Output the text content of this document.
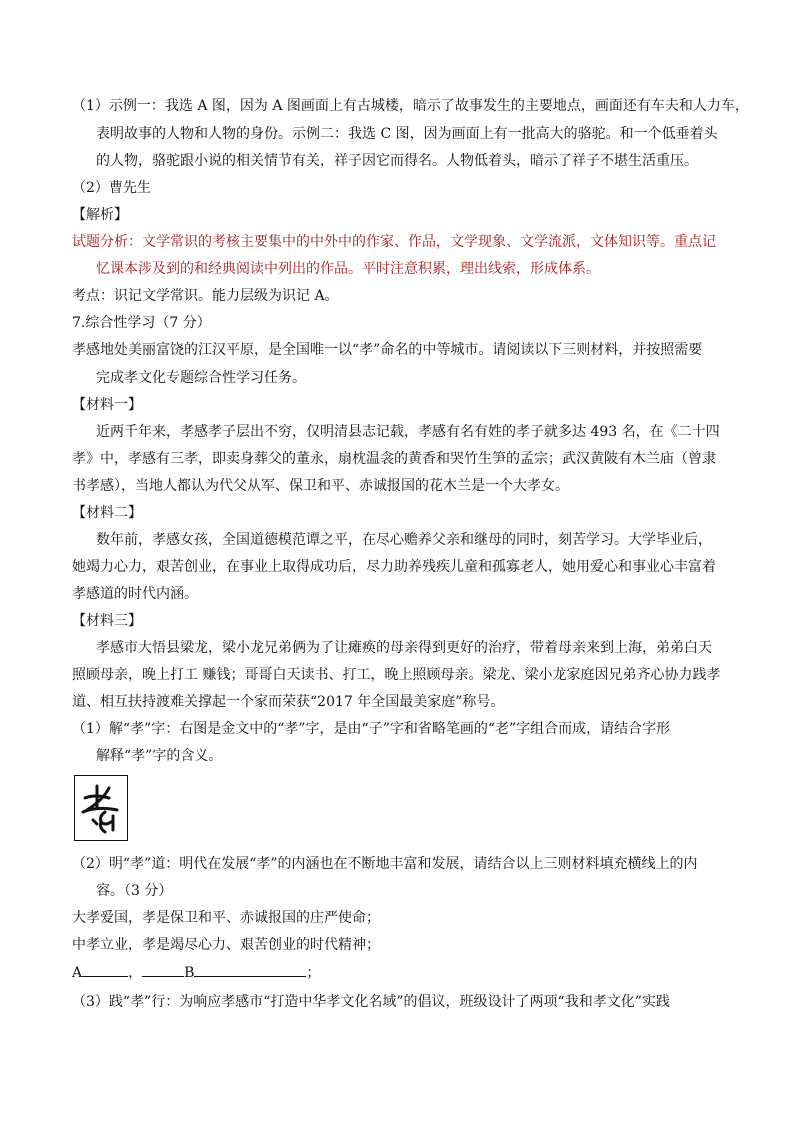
（1）示例一：我选 A 图，因为 A 图画面上有古城楼，暗示了故事发生的主要地点，画面还有车夫和人力车，
表明故事的人物和人物的身份。示例二：我选 C 图，因为画面上有一批高大的骆驼。和一个低垂着头
的人物，骆驼跟小说的相关情节有关，祥子因它而得名。人物低着头，暗示了祥子不堪生活重压。
（2）曹先生
【解析】
试题分析：文学常识的考核主要集中的中外中的作家、作品，文学现象、文学流派，文体知识等。重点记
忆课本涉及到的和经典阅读中列出的作品。平时注意积累，理出线索，形成体系。
考点：识记文学常识。能力层级为识记 A。
7.综合性学习（7 分）
孝感地处美丽富饶的江汉平原，是全国唯一以“孝”命名的中等城市。请阅读以下三则材料，并按照需要
完成孝文化专题综合性学习任务。
【材料一】
近两千年来，孝感孝子层出不穷，仅明清县志记载，孝感有名有姓的孝子就多达 493 名，在《二十四
孝》中，孝感有三孝，即卖身葬父的董永，扇枕温衾的黄香和哭竹生笋的孟宗；武汉黄陂有木兰庙（曾隶
书孝感），当地人都认为代父从军、保卫和平、赤诚报国的花木兰是一个大孝女。
【材料二】
数年前，孝感女孩，全国道德模范谭之平，在尽心赡养父亲和继母的同时，刻苦学习。大学毕业后，
她竭力心力，艰苦创业，在事业上取得成功后，尽力助养残疾儿童和孤寡老人，她用爱心和事业心丰富着
孝感道的时代内涵。
【材料三】
孝感市大悟县梁龙，梁小龙兄弟俩为了让瘫痪的母亲得到更好的治疗，带着母亲来到上海，弟弟白天
照顾母亲，晚上打工 赚钱；哥哥白天读书、打工，晚上照顾母亲。梁龙、梁小龙家庭因兄弟齐心协力践孝
道、相互扶持渡难关撑起一个家而荣获“2017 年全国最美家庭”称号。
（1）解“孝”字：右图是金文中的“孝”字，是由“子”字和省略笔画的“老”字组合而成，请结合字形
解释“孝”字的含义。
（2）明“孝”道：明代在发展“孝”的内涵也在不断地丰富和发展，请结合以上三则材料填充横线上的内
容。（3 分）
大孝爱国，孝是保卫和平、赤诚报国的庄严使命；
中孝立业，孝是竭尽心力、艰苦创业的时代精神；
A	，	B	；
（3）践“孝”行：为响应孝感市“打造中华孝文化名域”的倡议，班级设计了两项“我和孝文化”实践
